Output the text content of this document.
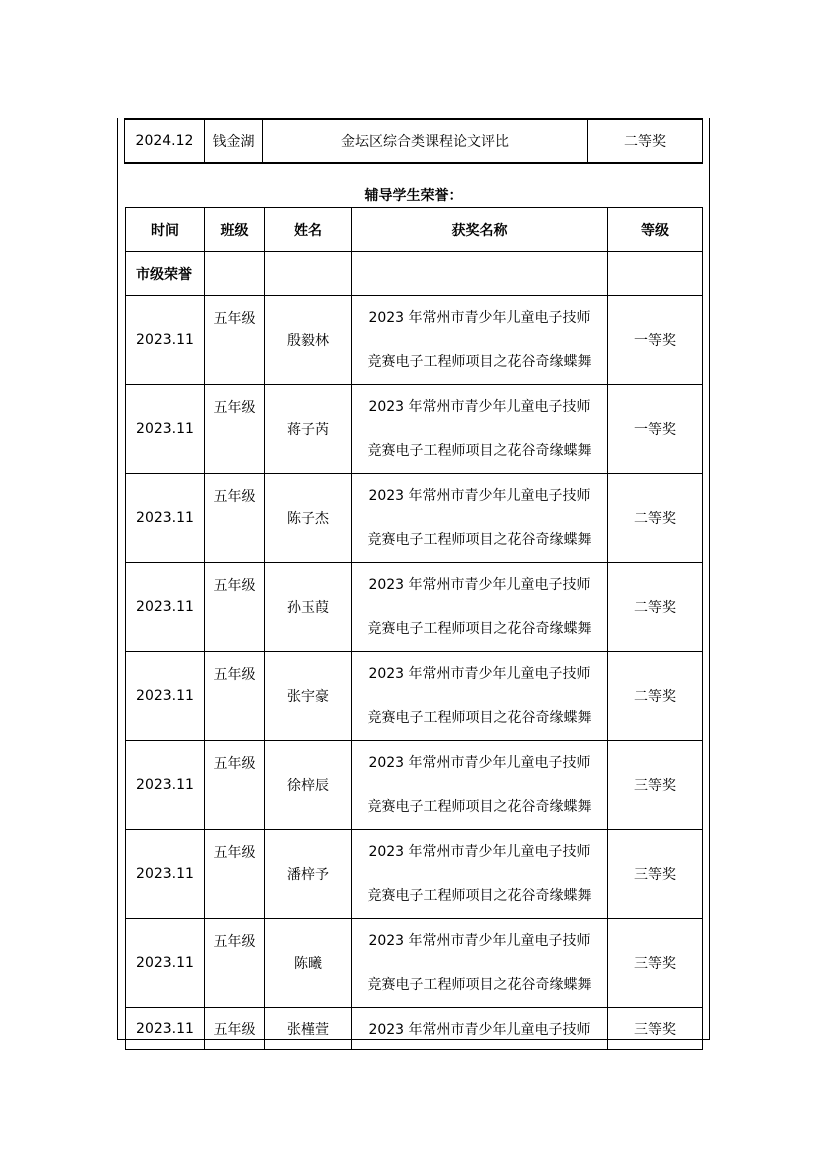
2024.12	钱金湖	金坛区综合类课程论文评比	二等奖
辅导学生荣誉：
时间	班级	姓名	获奖名称	等级
市级荣誉				
2023.11	五年级	殷毅林	2023 年常州市青少年儿童电子技师
竞赛电子工程师项目之花谷奇缘蝶舞	一等奖
2023.11	五年级	蒋子芮	2023 年常州市青少年儿童电子技师
竞赛电子工程师项目之花谷奇缘蝶舞	一等奖
2023.11	五年级	陈子杰	2023 年常州市青少年儿童电子技师
竞赛电子工程师项目之花谷奇缘蝶舞	二等奖
2023.11	五年级	孙玉葭	2023 年常州市青少年儿童电子技师
竞赛电子工程师项目之花谷奇缘蝶舞	二等奖
2023.11	五年级	张宇豪	2023 年常州市青少年儿童电子技师
竞赛电子工程师项目之花谷奇缘蝶舞	二等奖
2023.11	五年级	徐梓辰	2023 年常州市青少年儿童电子技师
竞赛电子工程师项目之花谷奇缘蝶舞	三等奖
2023.11	五年级	潘梓予	2023 年常州市青少年儿童电子技师
竞赛电子工程师项目之花谷奇缘蝶舞	三等奖
2023.11	五年级	陈曦	2023 年常州市青少年儿童电子技师
竞赛电子工程师项目之花谷奇缘蝶舞	三等奖
2023.11	五年级	张槿萱	2023 年常州市青少年儿童电子技师	三等奖
